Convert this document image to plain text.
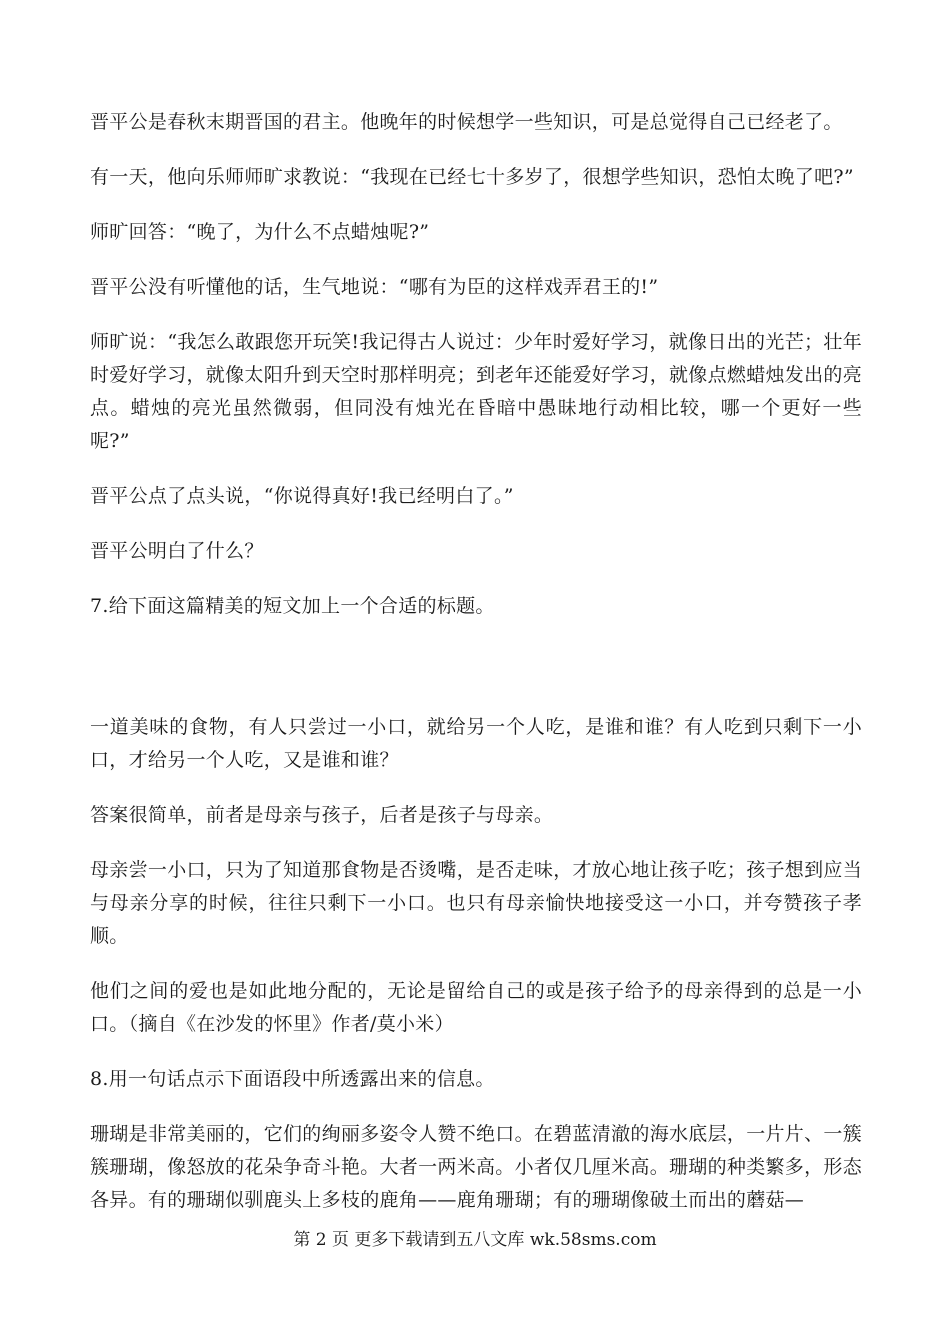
晋平公是春秋末期晋国的君主。他晚年的时候想学一些知识，可是总觉得自己已经老了。

有一天，他向乐师师旷求教说：“我现在已经七十多岁了，很想学些知识，恐怕太晚了吧?”

师旷回答：“晚了，为什么不点蜡烛呢?”

晋平公没有听懂他的话，生气地说：“哪有为臣的这样戏弄君王的!”

师旷说：“我怎么敢跟您开玩笑!我记得古人说过：少年时爱好学习，就像日出的光芒；壮年时爱好学习，就像太阳升到天空时那样明亮；到老年还能爱好学习，就像点燃蜡烛发出的亮点。蜡烛的亮光虽然微弱，但同没有烛光在昏暗中愚昧地行动相比较，哪一个更好一些呢?”

晋平公点了点头说，“你说得真好!我已经明白了。”

晋平公明白了什么？

7.给下面这篇精美的短文加上一个合适的标题。

一道美味的食物，有人只尝过一小口，就给另一个人吃，是谁和谁？有人吃到只剩下一小口，才给另一个人吃，又是谁和谁？

答案很简单，前者是母亲与孩子，后者是孩子与母亲。

母亲尝一小口，只为了知道那食物是否烫嘴，是否走味，才放心地让孩子吃；孩子想到应当与母亲分享的时候，往往只剩下一小口。也只有母亲愉快地接受这一小口，并夸赞孩子孝顺。

他们之间的爱也是如此地分配的，无论是留给自己的或是孩子给予的母亲得到的总是一小口。（摘自《在沙发的怀里》作者/莫小米）

8.用一句话点示下面语段中所透露出来的信息。

珊瑚是非常美丽的，它们的绚丽多姿令人赞不绝口。在碧蓝清澈的海水底层，一片片、一簇簇珊瑚，像怒放的花朵争奇斗艳。大者一两米高。小者仅几厘米高。珊瑚的种类繁多，形态各异。有的珊瑚似驯鹿头上多枝的鹿角——鹿角珊瑚；有的珊瑚像破土而出的蘑菇—

第 2 页 更多下载请到五八文库 wk.58sms.com
